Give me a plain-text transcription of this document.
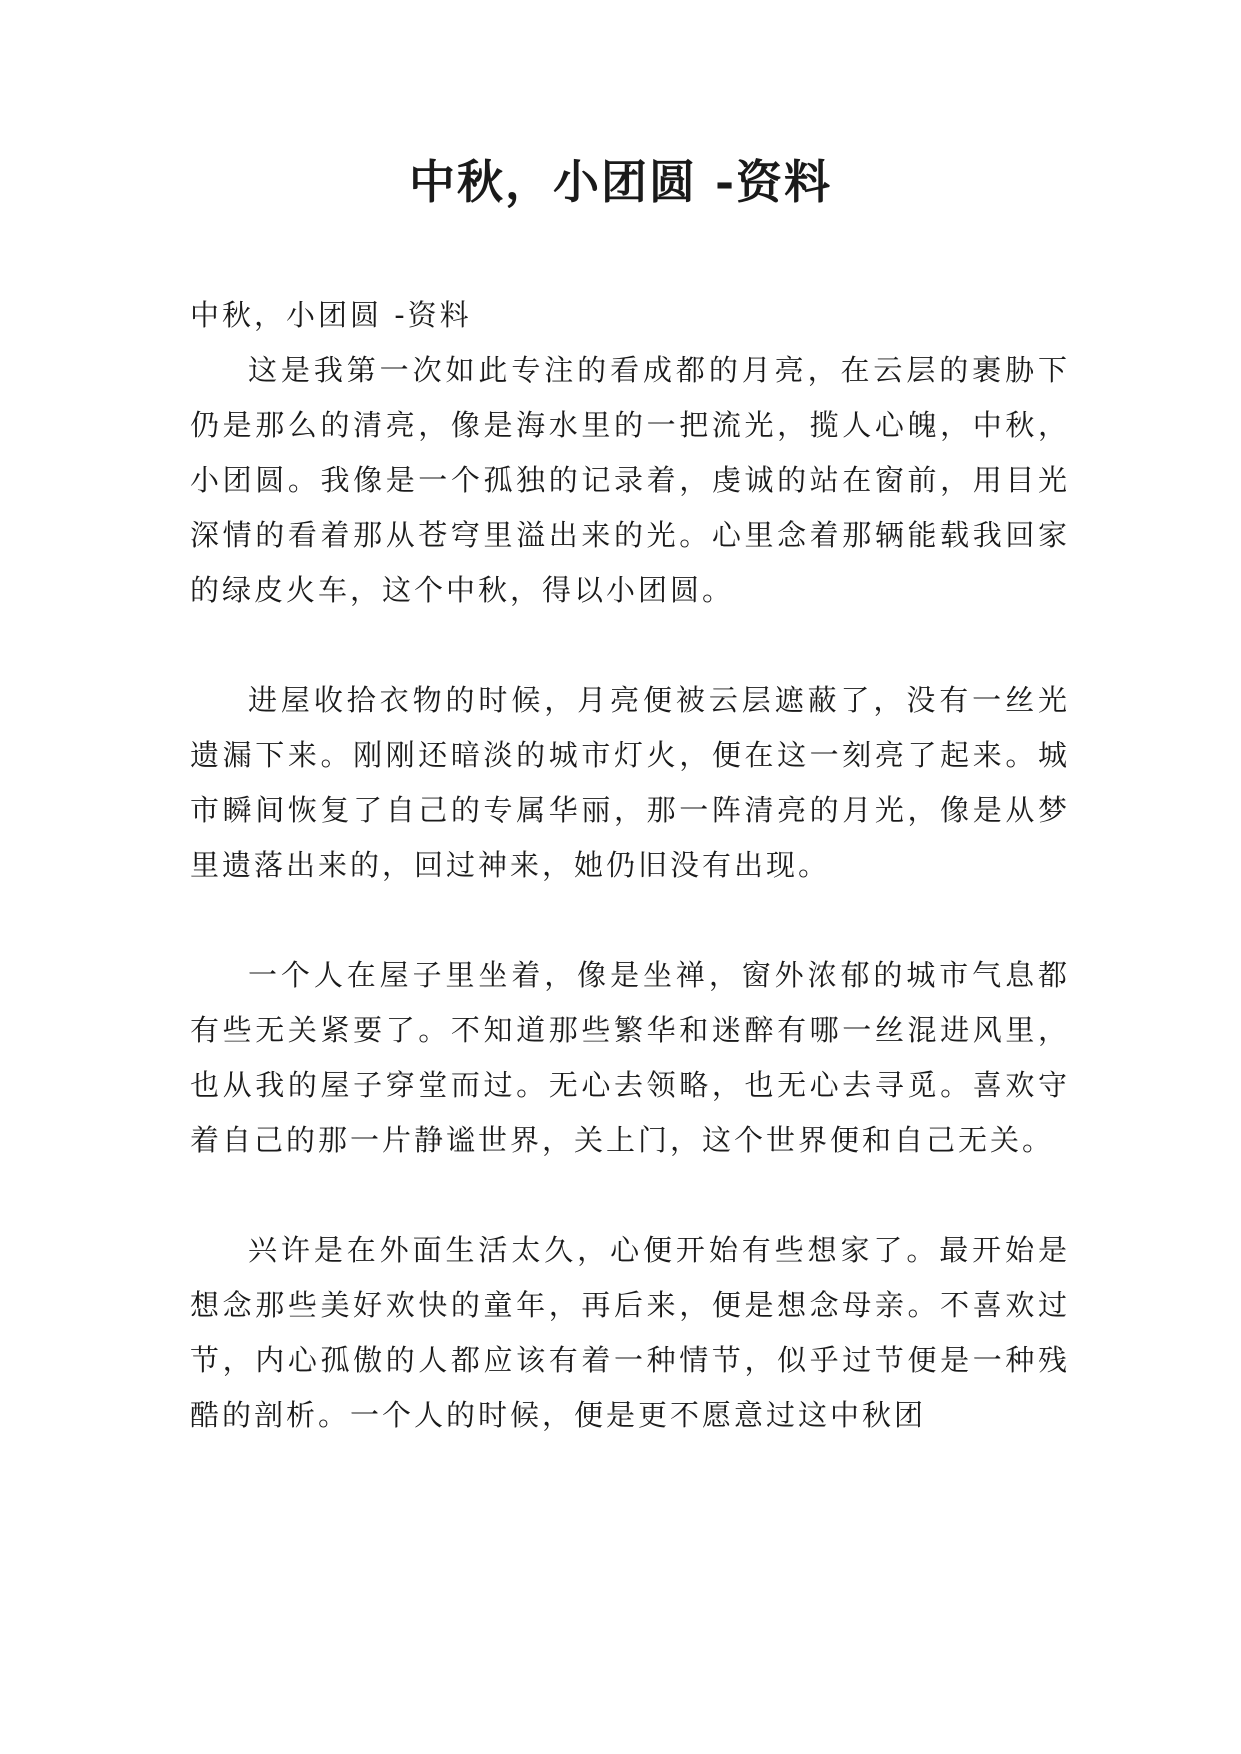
中秋，小团圆 -资料

中秋，小团圆 -资料

这是我第一次如此专注的看成都的月亮，在云层的裹胁下仍是那么的清亮，像是海水里的一把流光，揽人心魄，中秋，小团圆。我像是一个孤独的记录着，虔诚的站在窗前，用目光深情的看着那从苍穹里溢出来的光。心里念着那辆能载我回家的绿皮火车，这个中秋，得以小团圆。

进屋收拾衣物的时候，月亮便被云层遮蔽了，没有一丝光遗漏下来。刚刚还暗淡的城市灯火，便在这一刻亮了起来。城市瞬间恢复了自己的专属华丽，那一阵清亮的月光，像是从梦里遗落出来的，回过神来，她仍旧没有出现。

一个人在屋子里坐着，像是坐禅，窗外浓郁的城市气息都有些无关紧要了。不知道那些繁华和迷醉有哪一丝混进风里，也从我的屋子穿堂而过。无心去领略，也无心去寻觅。喜欢守着自己的那一片静谧世界，关上门，这个世界便和自己无关。

兴许是在外面生活太久，心便开始有些想家了。最开始是想念那些美好欢快的童年，再后来，便是想念母亲。不喜欢过节，内心孤傲的人都应该有着一种情节，似乎过节便是一种残酷的剖析。一个人的时候，便是更不愿意过这中秋团
